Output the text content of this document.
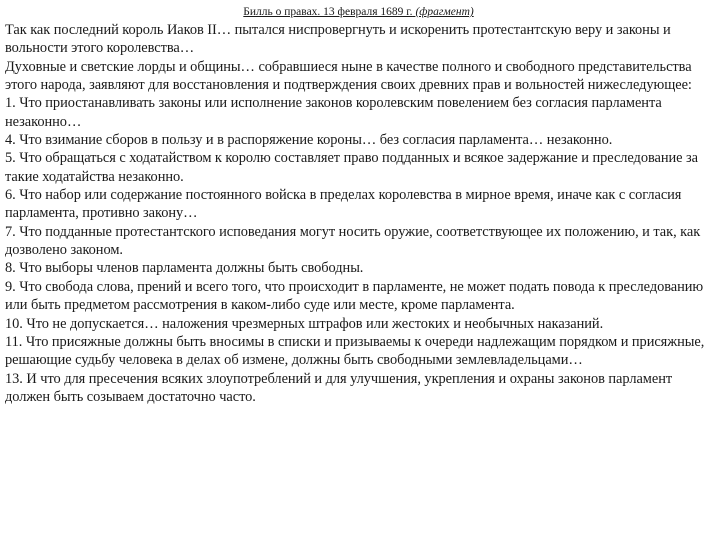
Билль о правах. 13 февраля 1689 г. (фрагмент)

Так как последний король Иаков II… пытался ниспровергнуть и искоренить протестантскую веру и законы и вольности этого королевства…

Духовные и светские лорды и общины… собравшиеся ныне в качестве полного и свободного представительства этого народа, заявляют для восстановления и подтверждения своих древних прав и вольностей нижеследующее:

1. Что приостанавливать законы или исполнение законов королевским повелением без согласия парламента незаконно…

4. Что взимание сборов в пользу и в распоряжение короны… без согласия парламента… незаконно.

5. Что обращаться с ходатайством к королю составляет право подданных и всякое задержание и преследование за такие ходатайства незаконно.

6. Что набор или содержание постоянного войска в пределах королевства в мирное время, иначе как с согласия парламента, противно закону…

7. Что подданные протестантского исповедания могут носить оружие, соответствующее их положению, и так, как дозволено законом.

8. Что выборы членов парламента должны быть свободны.

9. Что свобода слова, прений и всего того, что происходит в парламенте, не может подать повода к преследованию или быть предметом рассмотрения в каком-либо суде или месте, кроме парламента.

10. Что не допускается… наложения чрезмерных штрафов или жестоких и необычных наказаний.

11. Что присяжные должны быть вносимы в списки и призываемы к очереди надлежащим порядком и присяжные, решающие судьбу человека в делах об измене, должны быть свободными землевладельцами…

13. И что для пресечения всяких злоупотреблений и для улучшения, укрепления и охраны законов парламент должен быть созываем достаточно часто.
